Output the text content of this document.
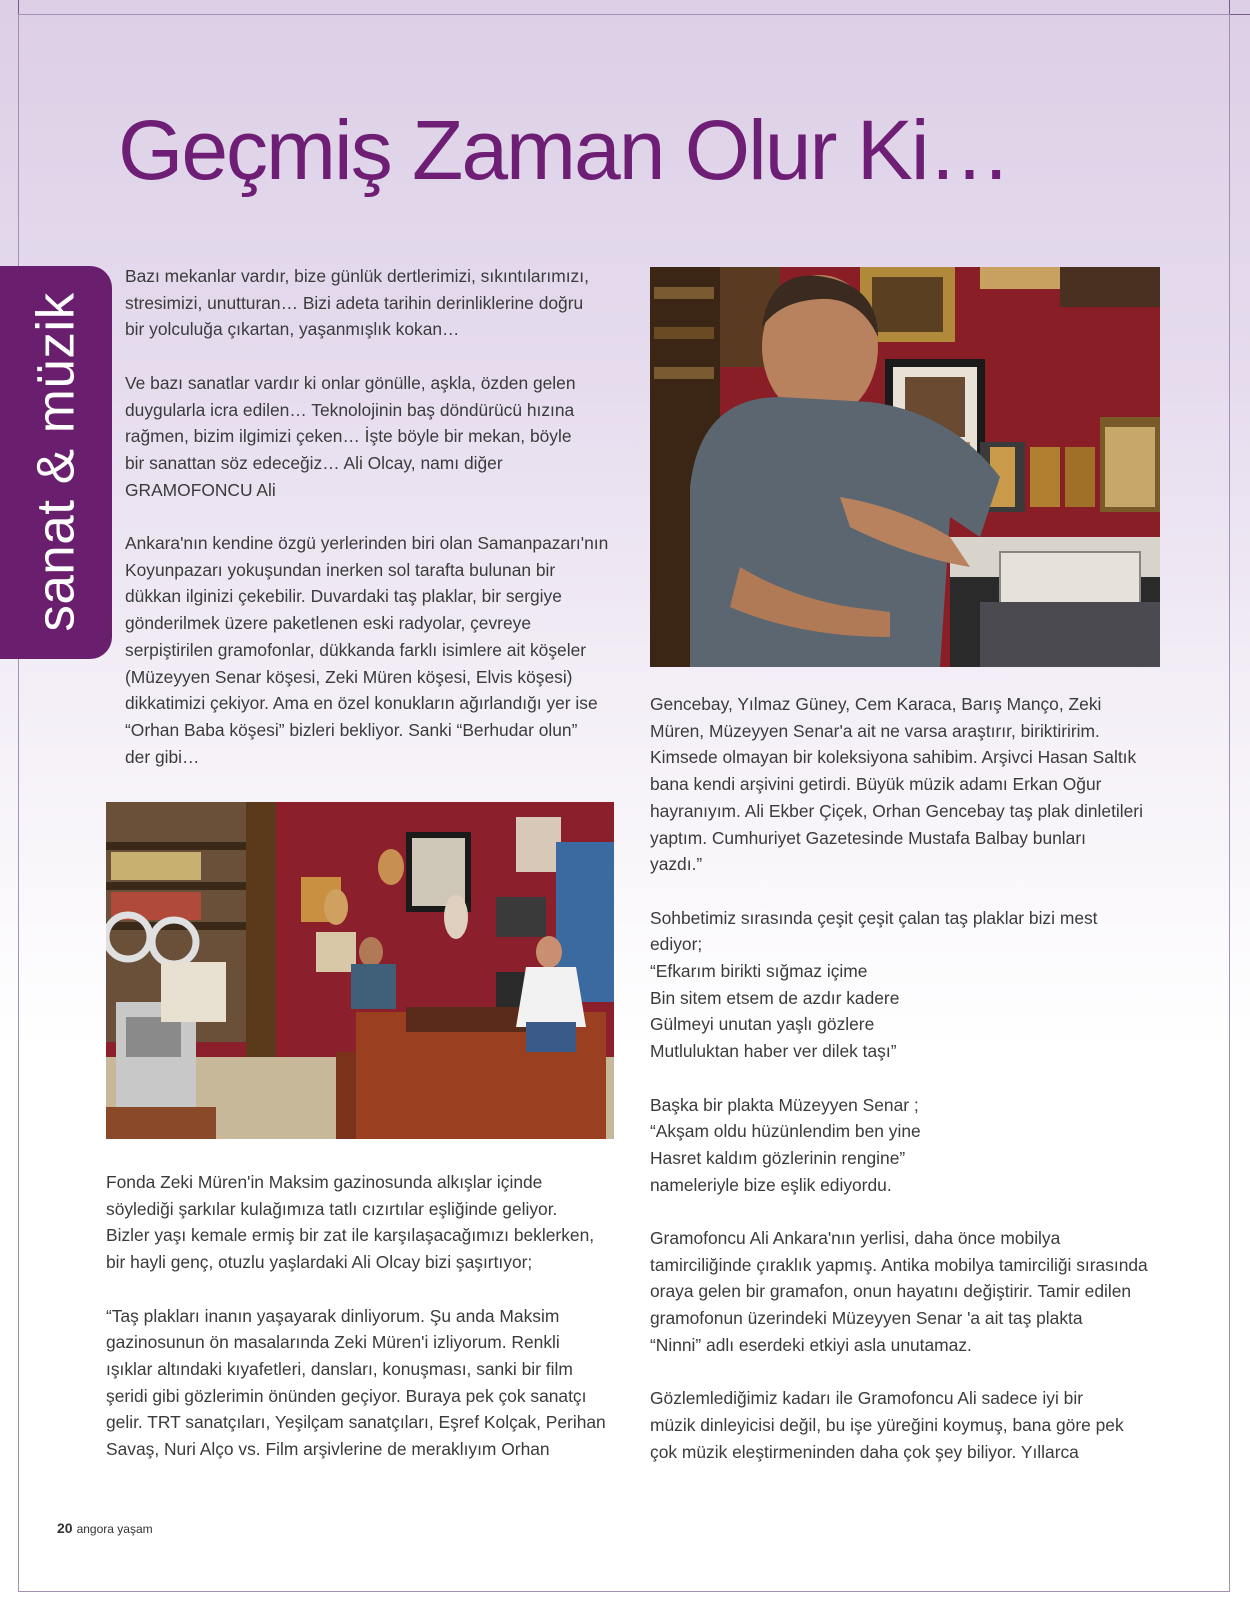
Geçmiş Zaman Olur Ki…
sanat & müzik

Bazı mekanlar vardır, bize günlük dertlerimizi, sıkıntılarımızı,

stresimizi, unutturan… Bizi adeta tarihin derinliklerine doğru

bir yolculuğa çıkartan, yaşanmışlık kokan…

Ve bazı sanatlar vardır ki onlar gönülle, aşkla, özden gelen

duygularla icra edilen… Teknolojinin baş döndürücü hızına

rağmen, bizim ilgimizi çeken… İşte böyle bir mekan, böyle

bir sanattan söz edeceğiz… Ali Olcay, namı diğer

GRAMOFONCU Ali

Ankara'nın kendine özgü yerlerinden biri olan Samanpazarı'nın

Koyunpazarı yokuşundan inerken sol tarafta bulunan bir

dükkan ilginizi çekebilir. Duvardaki taş plaklar, bir sergiye

gönderilmek üzere paketlenen eski radyolar, çevreye

serpiştirilen gramofonlar, dükkanda farklı isimlere ait köşeler

(Müzeyyen Senar köşesi, Zeki Müren köşesi, Elvis köşesi)

dikkatimizi çekiyor. Ama en özel konukların ağırlandığı yer ise

“Orhan Baba köşesi” bizleri bekliyor. Sanki “Berhudar olun”

der gibi…

Gencebay, Yılmaz Güney, Cem Karaca, Barış Manço, Zeki

Müren, Müzeyyen Senar'a ait ne varsa araştırır, biriktiririm.

Kimsede olmayan bir koleksiyona sahibim. Arşivci Hasan Saltık

bana kendi arşivini getirdi. Büyük müzik adamı Erkan Oğur

hayranıyım. Ali Ekber Çiçek, Orhan Gencebay taş plak dinletileri

yaptım. Cumhuriyet Gazetesinde Mustafa Balbay bunları

yazdı.”

Sohbetimiz sırasında çeşit çeşit çalan taş plaklar bizi mest

ediyor;

“Efkarım birikti sığmaz içime

Bin sitem etsem de azdır kadere

Gülmeyi unutan yaşlı gözlere

Mutluluktan haber ver dilek taşı”

Başka bir plakta Müzeyyen Senar ;

“Akşam oldu hüzünlendim ben yine

Hasret kaldım gözlerinin rengine”

nameleriyle bize eşlik ediyordu.

Gramofoncu Ali Ankara'nın yerlisi, daha önce mobilya

tamirciliğinde çıraklık yapmış. Antika mobilya tamirciliği sırasında

oraya gelen bir gramafon, onun hayatını değiştirir. Tamir edilen

gramofonun üzerindeki Müzeyyen Senar 'a ait taş plakta

“Ninni” adlı eserdeki etkiyi asla unutamaz.

Gözlemlediğimiz kadarı ile Gramofoncu Ali sadece iyi bir

müzik dinleyicisi değil, bu işe yüreğini koymuş, bana göre pek

çok müzik eleştirmeninden daha çok şey biliyor. Yıllarca

Fonda Zeki Müren'in Maksim gazinosunda alkışlar içinde

söylediği şarkılar kulağımıza tatlı cızırtılar eşliğinde geliyor.

Bizler yaşı kemale ermiş bir zat ile karşılaşacağımızı beklerken,

bir hayli genç, otuzlu yaşlardaki Ali Olcay bizi şaşırtıyor;

“Taş plakları inanın yaşayarak dinliyorum. Şu anda Maksim

gazinosunun ön masalarında Zeki Müren'i izliyorum. Renkli

ışıklar altındaki kıyafetleri, dansları, konuşması, sanki bir film

şeridi gibi gözlerimin önünden geçiyor. Buraya pek çok sanatçı

gelir. TRT sanatçıları, Yeşilçam sanatçıları, Eşref Kolçak, Perihan

Savaş, Nuri Alço vs. Film arşivlerine de meraklıyım Orhan

20 angora yaşam
